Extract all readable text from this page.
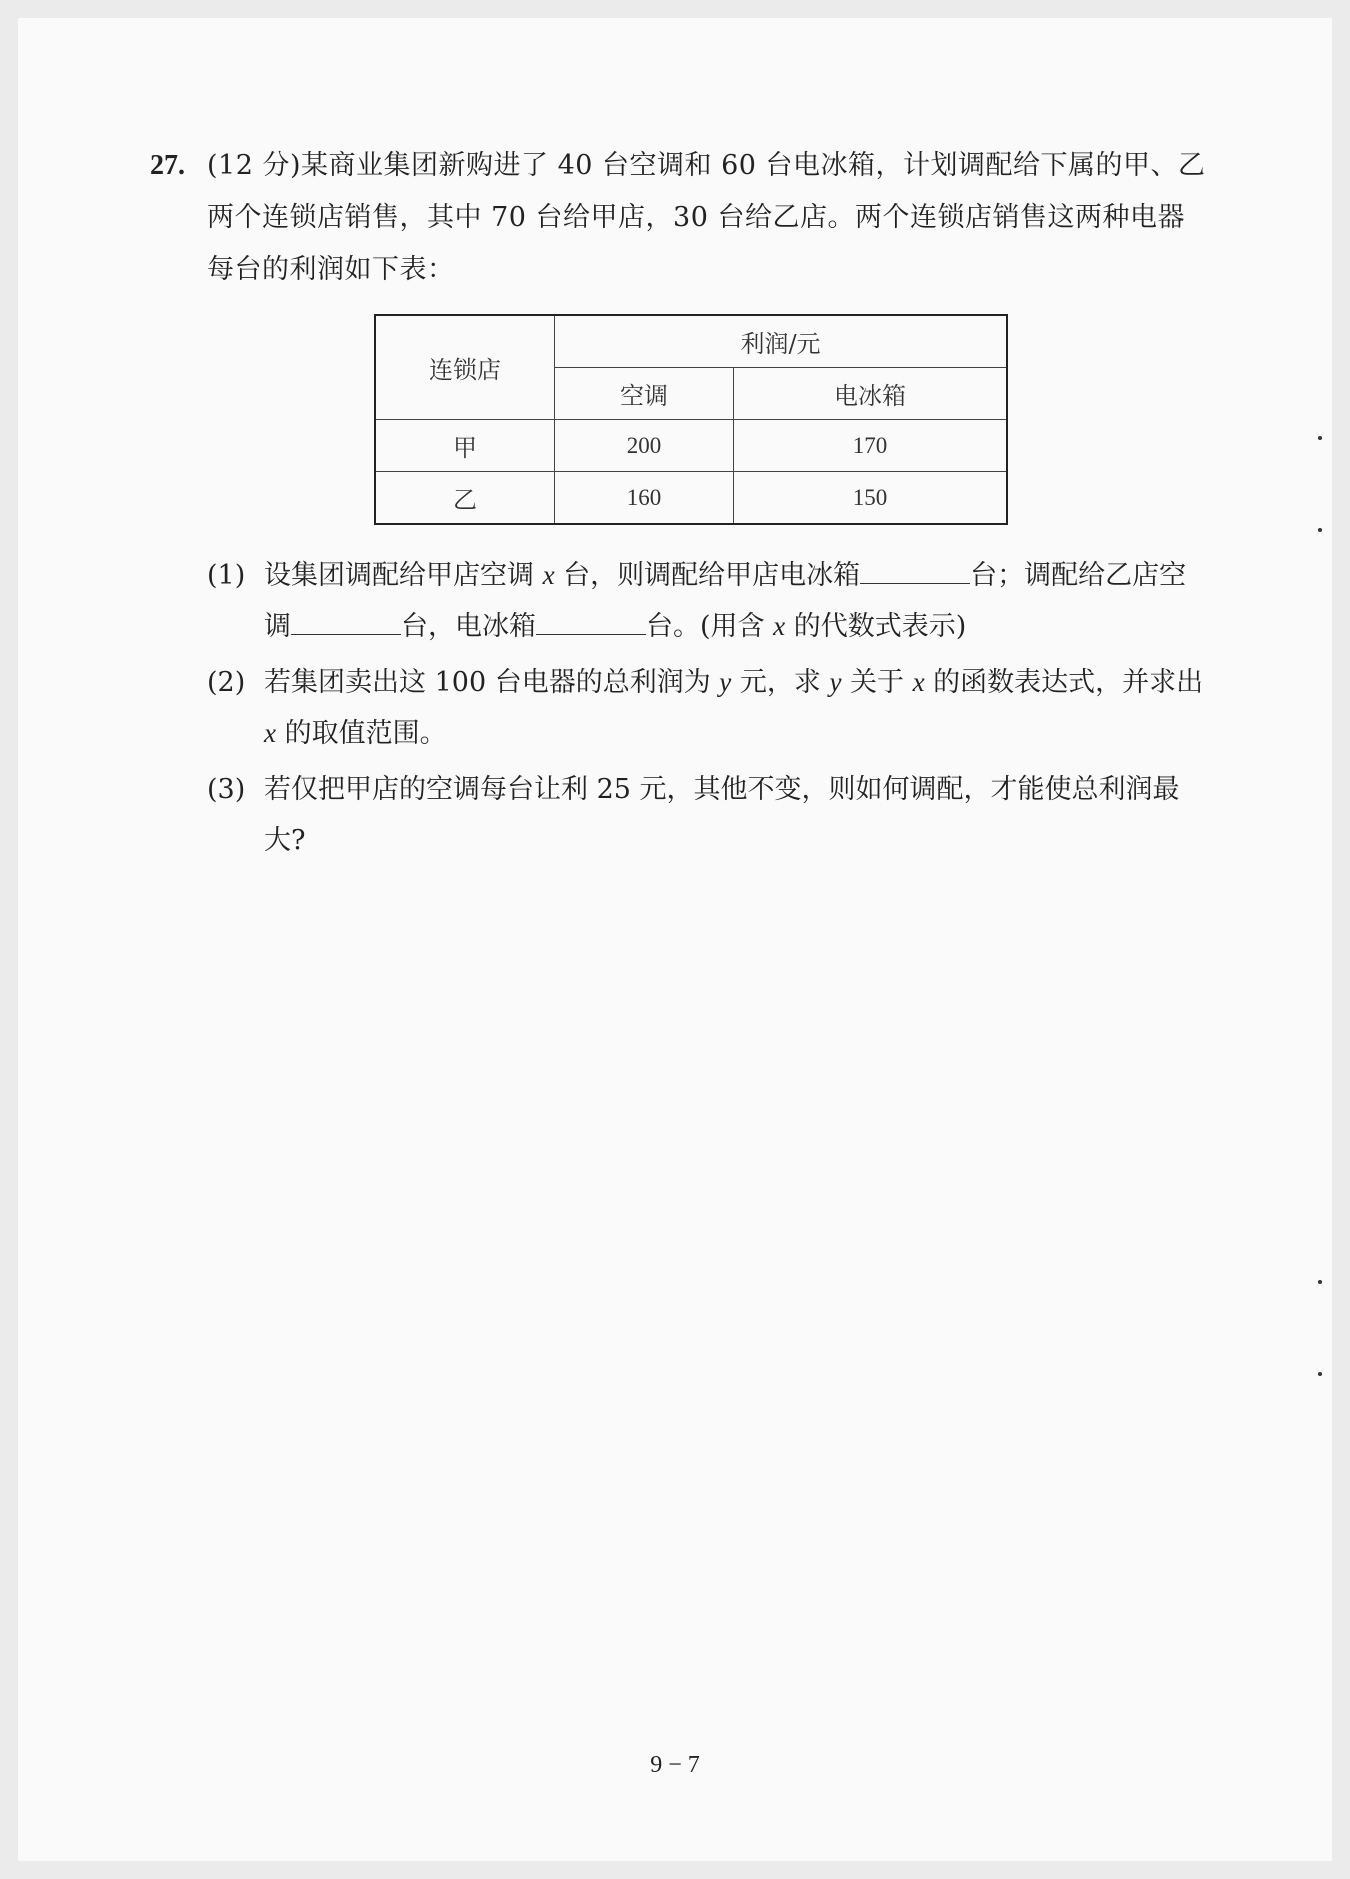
27. (12 分)某商业集团新购进了 40 台空调和 60 台电冰箱，计划调配给下属的甲、乙两个连锁店销售，其中 70 台给甲店，30 台给乙店。两个连锁店销售这两种电器每台的利润如下表：
连锁店	利润/元	
	空调	电冰箱
甲	200	170
乙	160	150
(1) 设集团调配给甲店空调 x 台，则调配给甲店电冰箱	台；调配给乙店空调	台，电冰箱	台。(用含 x 的代数式表示)
(2) 若集团卖出这 100 台电器的总利润为 y 元，求 y 关于 x 的函数表达式，并求出 x 的取值范围。
(3) 若仅把甲店的空调每台让利 25 元，其他不变，则如何调配，才能使总利润最大?
9 − 7
